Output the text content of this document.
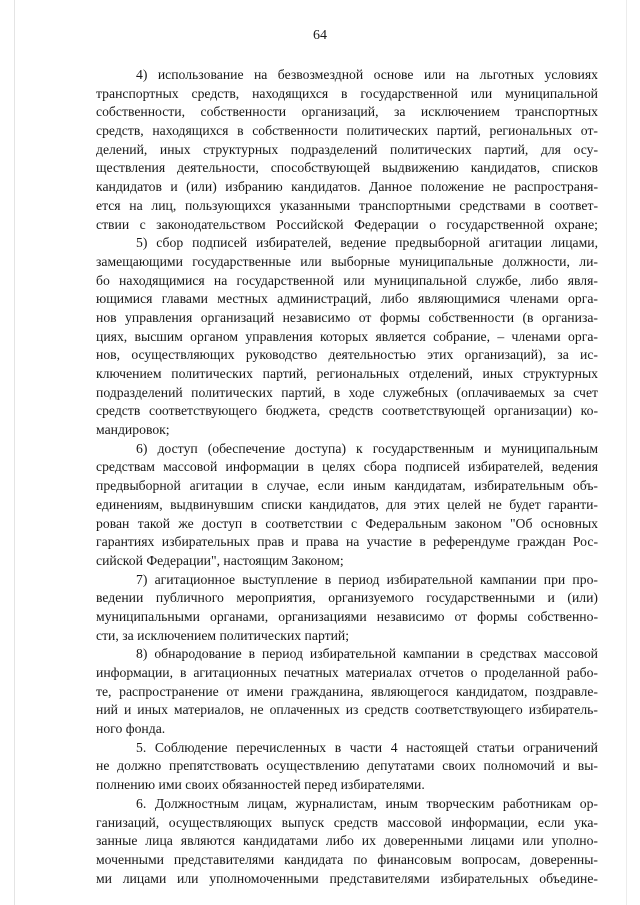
64
4) использование на безвозмездной основе или на льготных условиях
транспортных средств, находящихся в государственной или муниципальной
собственности, собственности организаций, за исключением транспортных
средств, находящихся в собственности политических партий, региональных от-
делений, иных структурных подразделений политических партий, для осу-
ществления деятельности, способствующей выдвижению кандидатов, списков
кандидатов и (или) избранию кандидатов. Данное положение не распространя-
ется на лиц, пользующихся указанными транспортными средствами в соответ-
ствии с законодательством Российской Федерации о государственной охране;
5) сбор подписей избирателей, ведение предвыборной агитации лицами,
замещающими государственные или выборные муниципальные должности, ли-
бо находящимися на государственной или муниципальной службе, либо явля-
ющимися главами местных администраций, либо являющимися членами орга-
нов управления организаций независимо от формы собственности (в организа-
циях, высшим органом управления которых является собрание, – членами орга-
нов, осуществляющих руководство деятельностью этих организаций), за ис-
ключением политических партий, региональных отделений, иных структурных
подразделений политических партий, в ходе служебных (оплачиваемых за счет
средств соответствующего бюджета, средств соответствующей организации) ко-
мандировок;
6) доступ (обеспечение доступа) к государственным и муниципальным
средствам массовой информации в целях сбора подписей избирателей, ведения
предвыборной агитации в случае, если иным кандидатам, избирательным объ-
единениям, выдвинувшим списки кандидатов, для этих целей не будет гаранти-
рован такой же доступ в соответствии с Федеральным законом "Об основных
гарантиях избирательных прав и права на участие в референдуме граждан Рос-
сийской Федерации", настоящим Законом;
7) агитационное выступление в период избирательной кампании при про-
ведении публичного мероприятия, организуемого государственными и (или)
муниципальными органами, организациями независимо от формы собственно-
сти, за исключением политических партий;
8) обнародование в период избирательной кампании в средствах массовой
информации, в агитационных печатных материалах отчетов о проделанной рабо-
те, распространение от имени гражданина, являющегося кандидатом, поздравле-
ний и иных материалов, не оплаченных из средств соответствующего избиратель-
ного фонда.
5. Соблюдение перечисленных в части 4 настоящей статьи ограничений
не должно препятствовать осуществлению депутатами своих полномочий и вы-
полнению ими своих обязанностей перед избирателями.
6. Должностным лицам, журналистам, иным творческим работникам ор-
ганизаций, осуществляющих выпуск средств массовой информации, если ука-
занные лица являются кандидатами либо их доверенными лицами или уполно-
моченными представителями кандидата по финансовым вопросам, доверенны-
ми лицами или уполномоченными представителями избирательных объедине-
